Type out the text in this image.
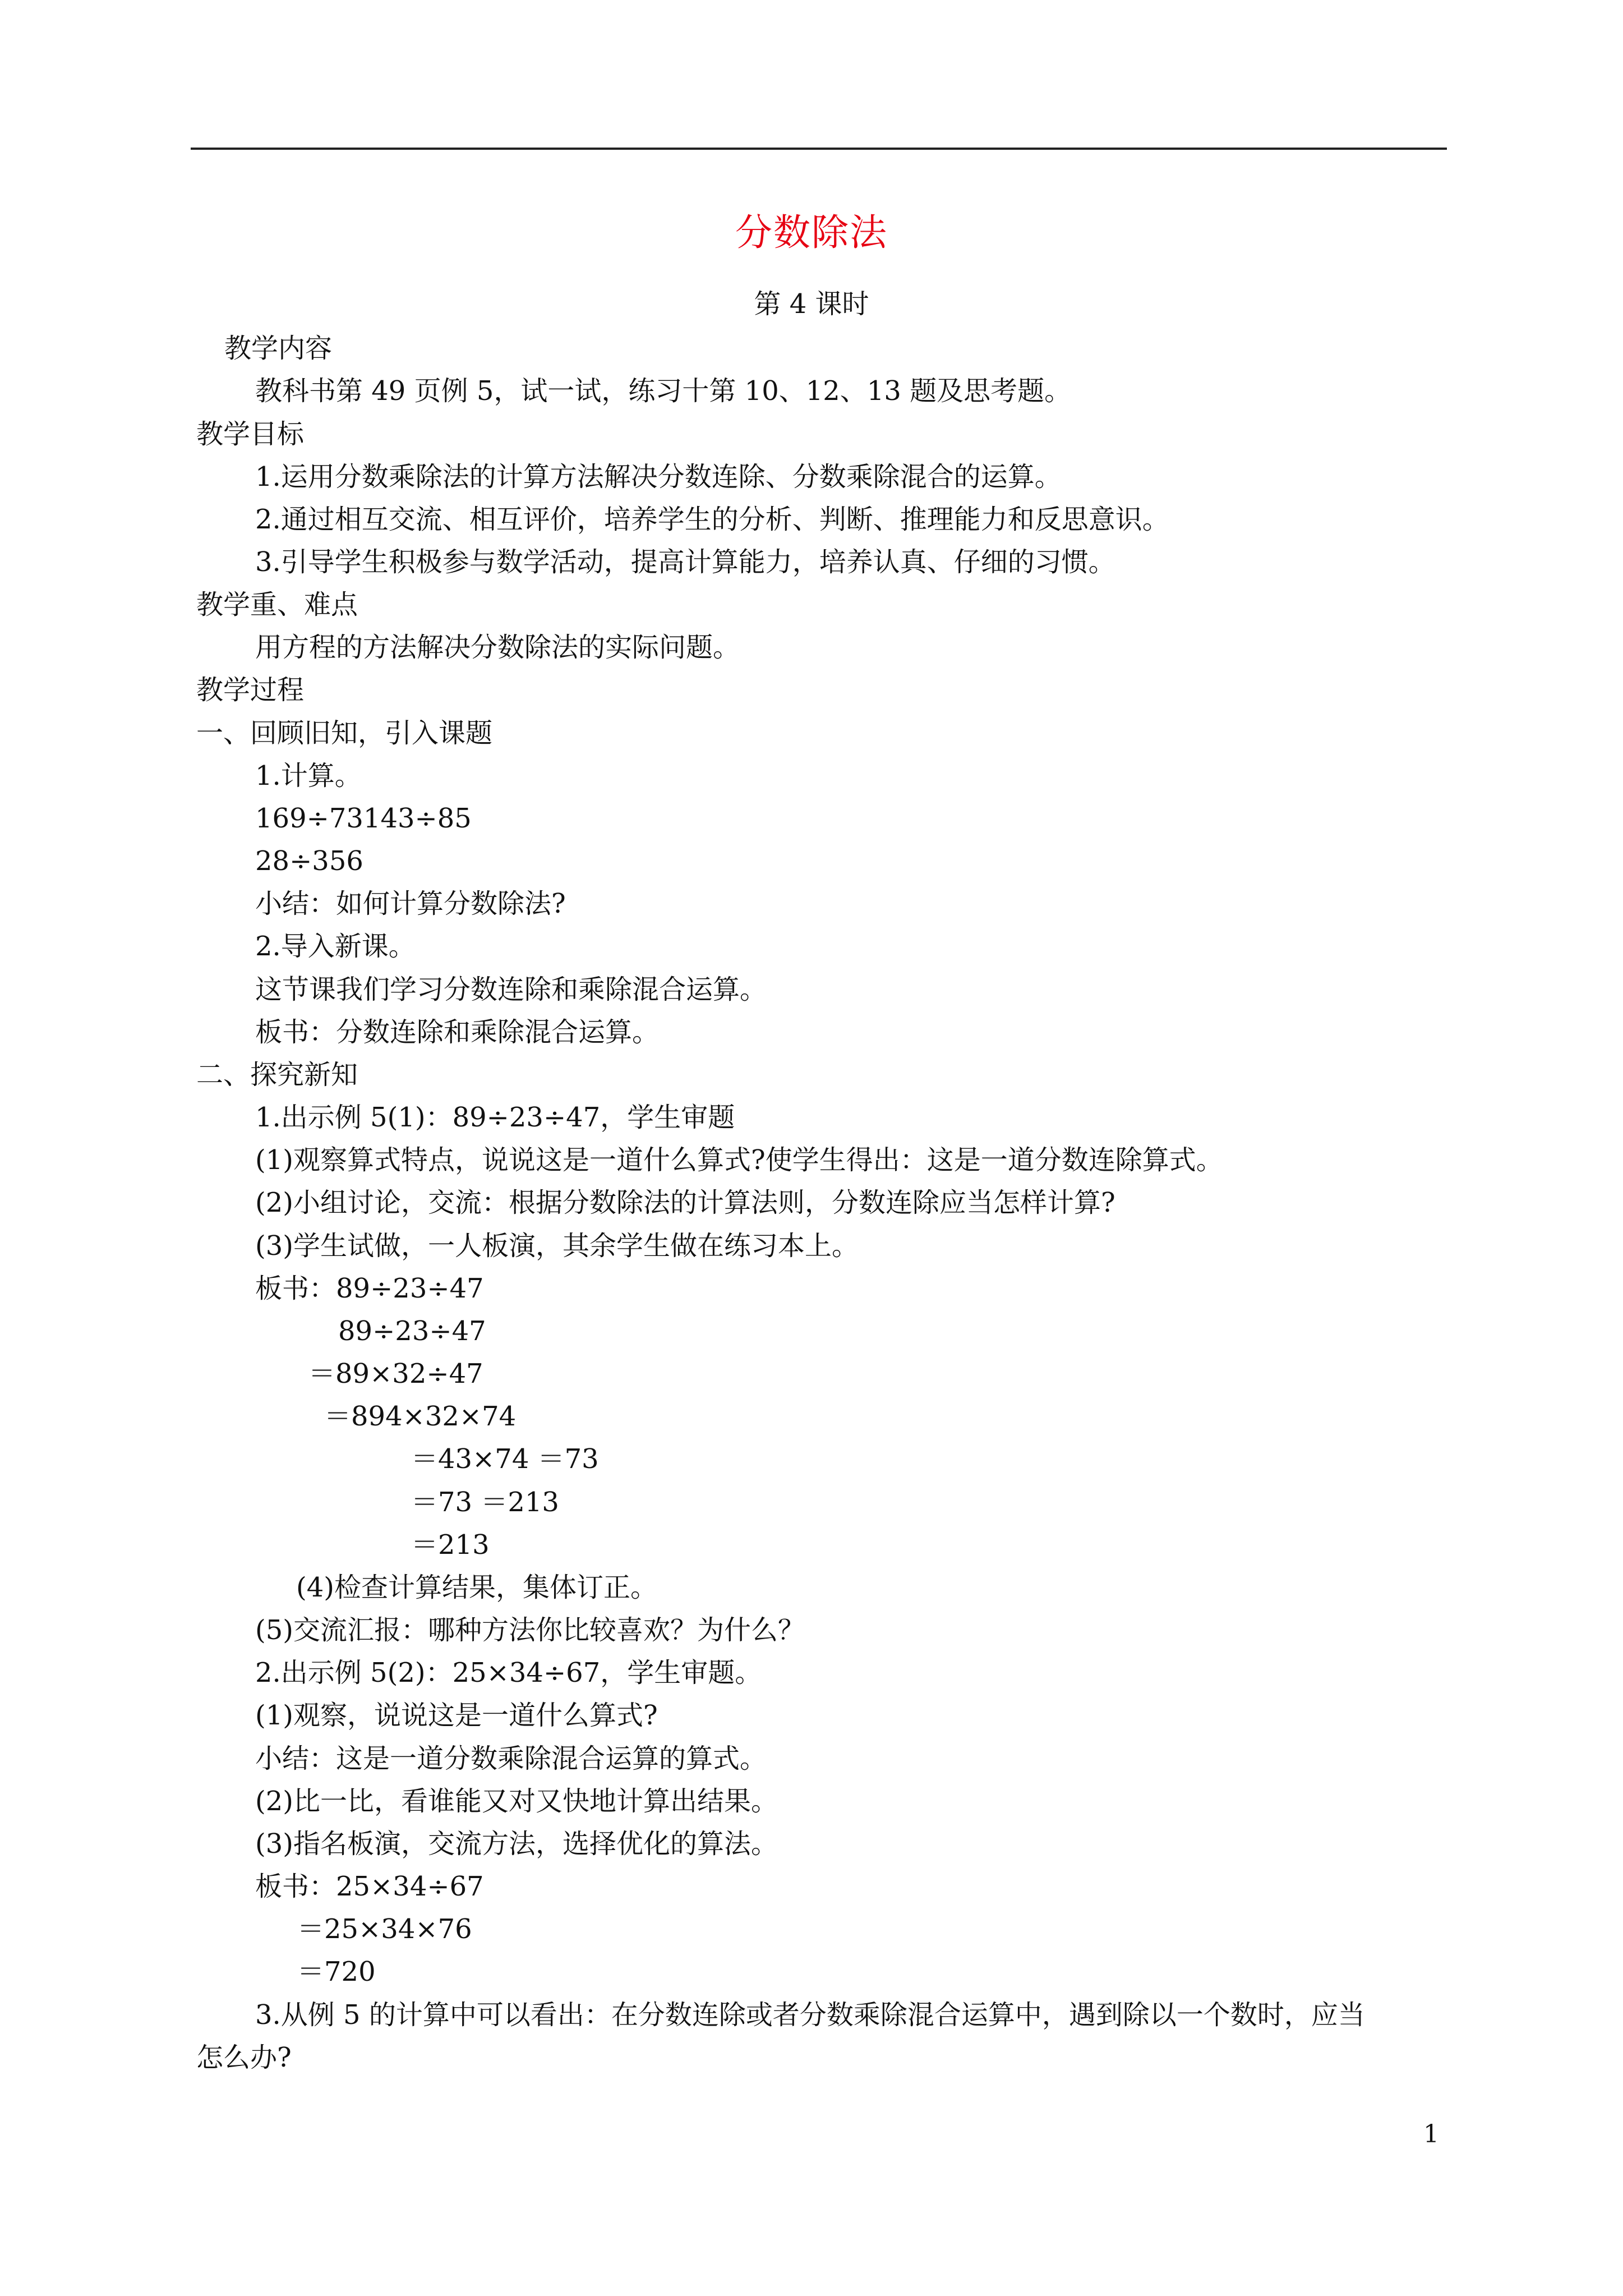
分数除法
第 4 课时
教学内容
教科书第 49 页例 5，试一试，练习十第 10、12、13 题及思考题。
教学目标
1.运用分数乘除法的计算方法解决分数连除、分数乘除混合的运算。
2.通过相互交流、相互评价，培养学生的分析、判断、推理能力和反思意识。
3.引导学生积极参与数学活动，提高计算能力，培养认真、仔细的习惯。
教学重、难点
用方程的方法解决分数除法的实际问题。
教学过程
一、回顾旧知，引入课题
1.计算。
169÷73143÷85
28÷356
小结：如何计算分数除法?
2.导入新课。
这节课我们学习分数连除和乘除混合运算。
板书：分数连除和乘除混合运算。
二、探究新知
1.出示例 5(1)：89÷23÷47，学生审题
(1)观察算式特点，说说这是一道什么算式?使学生得出：这是一道分数连除算式。
(2)小组讨论，交流：根据分数除法的计算法则，分数连除应当怎样计算?
(3)学生试做，一人板演，其余学生做在练习本上。
板书：89÷23÷47
89÷23÷47
＝89×32÷47
＝894×32×74
＝43×74 ＝73
＝73 ＝213
＝213
(4)检查计算结果，集体订正。
(5)交流汇报：哪种方法你比较喜欢？为什么？
2.出示例 5(2)：25×34÷67，学生审题。
(1)观察，说说这是一道什么算式?
小结：这是一道分数乘除混合运算的算式。
(2)比一比，看谁能又对又快地计算出结果。
(3)指名板演，交流方法，选择优化的算法。
板书：25×34÷67
＝25×34×76
＝720
3.从例 5 的计算中可以看出：在分数连除或者分数乘除混合运算中，遇到除以一个数时，应当
怎么办?
1
